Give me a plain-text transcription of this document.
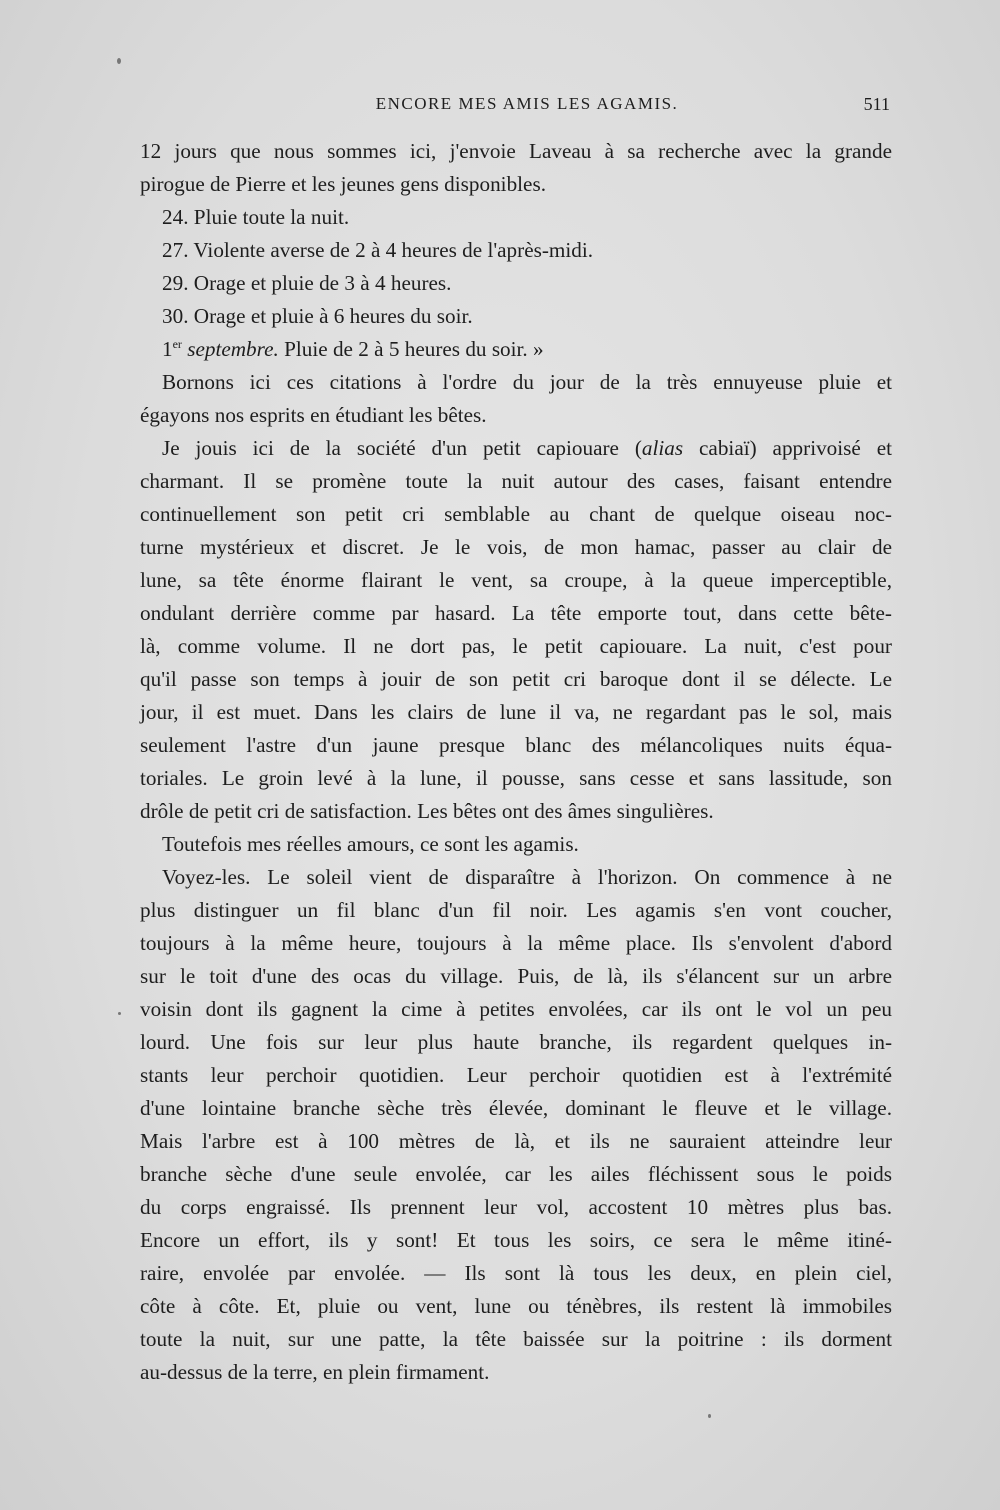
ENCORE MES AMIS LES AGAMIS.	511
12 jours que nous sommes ici, j'envoie Laveau à sa recherche avec la grande
pirogue de Pierre et les jeunes gens disponibles.
24. Pluie toute la nuit.
27. Violente averse de 2 à 4 heures de l'après-midi.
29. Orage et pluie de 3 à 4 heures.
30. Orage et pluie à 6 heures du soir.
1er septembre. Pluie de 2 à 5 heures du soir. »
Bornons ici ces citations à l'ordre du jour de la très ennuyeuse pluie et
égayons nos esprits en étudiant les bêtes.
Je jouis ici de la société d'un petit capiouare (alias cabiaï) apprivoisé et
charmant. Il se promène toute la nuit autour des cases, faisant entendre
continuellement son petit cri semblable au chant de quelque oiseau noc-
turne mystérieux et discret. Je le vois, de mon hamac, passer au clair de
lune, sa tête énorme flairant le vent, sa croupe, à la queue imperceptible,
ondulant derrière comme par hasard. La tête emporte tout, dans cette bête-
là, comme volume. Il ne dort pas, le petit capiouare. La nuit, c'est pour
qu'il passe son temps à jouir de son petit cri baroque dont il se délecte. Le
jour, il est muet. Dans les clairs de lune il va, ne regardant pas le sol, mais
seulement l'astre d'un jaune presque blanc des mélancoliques nuits équa-
toriales. Le groin levé à la lune, il pousse, sans cesse et sans lassitude, son
drôle de petit cri de satisfaction. Les bêtes ont des âmes singulières.
Toutefois mes réelles amours, ce sont les agamis.
Voyez-les. Le soleil vient de disparaître à l'horizon. On commence à ne
plus distinguer un fil blanc d'un fil noir. Les agamis s'en vont coucher,
toujours à la même heure, toujours à la même place. Ils s'envolent d'abord
sur le toit d'une des ocas du village. Puis, de là, ils s'élancent sur un arbre
voisin dont ils gagnent la cime à petites envolées, car ils ont le vol un peu
lourd. Une fois sur leur plus haute branche, ils regardent quelques in-
stants leur perchoir quotidien. Leur perchoir quotidien est à l'extrémité
d'une lointaine branche sèche très élevée, dominant le fleuve et le village.
Mais l'arbre est à 100 mètres de là, et ils ne sauraient atteindre leur
branche sèche d'une seule envolée, car les ailes fléchissent sous le poids
du corps engraissé. Ils prennent leur vol, accostent 10 mètres plus bas.
Encore un effort, ils y sont! Et tous les soirs, ce sera le même itiné-
raire, envolée par envolée. — Ils sont là tous les deux, en plein ciel,
côte à côte. Et, pluie ou vent, lune ou ténèbres, ils restent là immobiles
toute la nuit, sur une patte, la tête baissée sur la poitrine : ils dorment
au-dessus de la terre, en plein firmament.
